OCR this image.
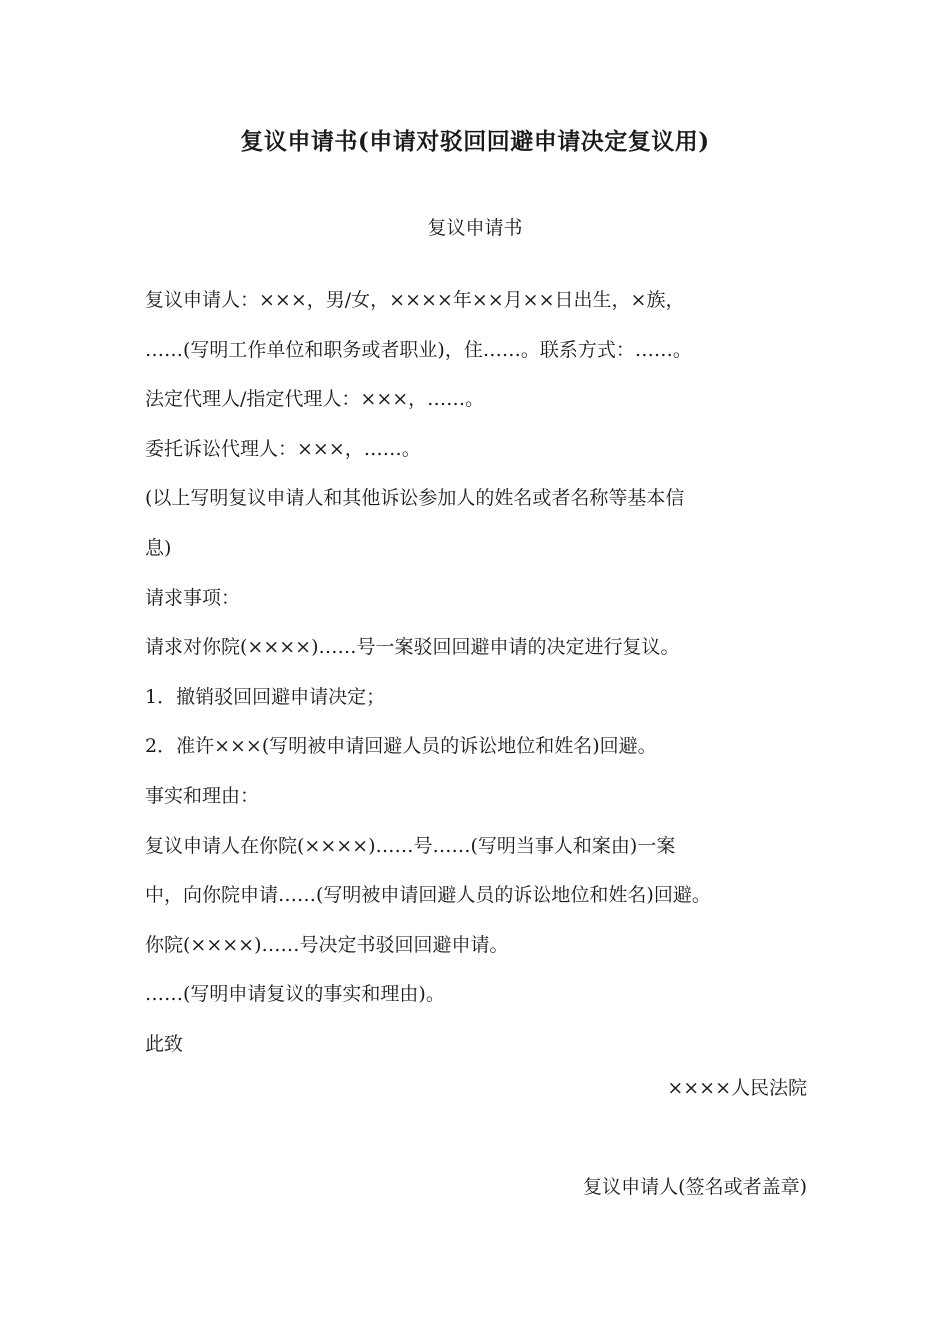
复议申请书(申请对驳回回避申请决定复议用)
复议申请书
复议申请人：×××，男/女，××××年××月××日出生，×族，
……(写明工作单位和职务或者职业)，住……。联系方式：……。
法定代理人/指定代理人：×××，……。
委托诉讼代理人：×××，……。
(以上写明复议申请人和其他诉讼参加人的姓名或者名称等基本信
息)
请求事项：
请求对你院(××××)……号一案驳回回避申请的决定进行复议。
1．撤销驳回回避申请决定；
2．准许×××(写明被申请回避人员的诉讼地位和姓名)回避。
事实和理由：
复议申请人在你院(××××)……号……(写明当事人和案由)一案
中，向你院申请……(写明被申请回避人员的诉讼地位和姓名)回避。
你院(××××)……号决定书驳回回避申请。
……(写明申请复议的事实和理由)。
此致
××××人民法院
复议申请人(签名或者盖章)
